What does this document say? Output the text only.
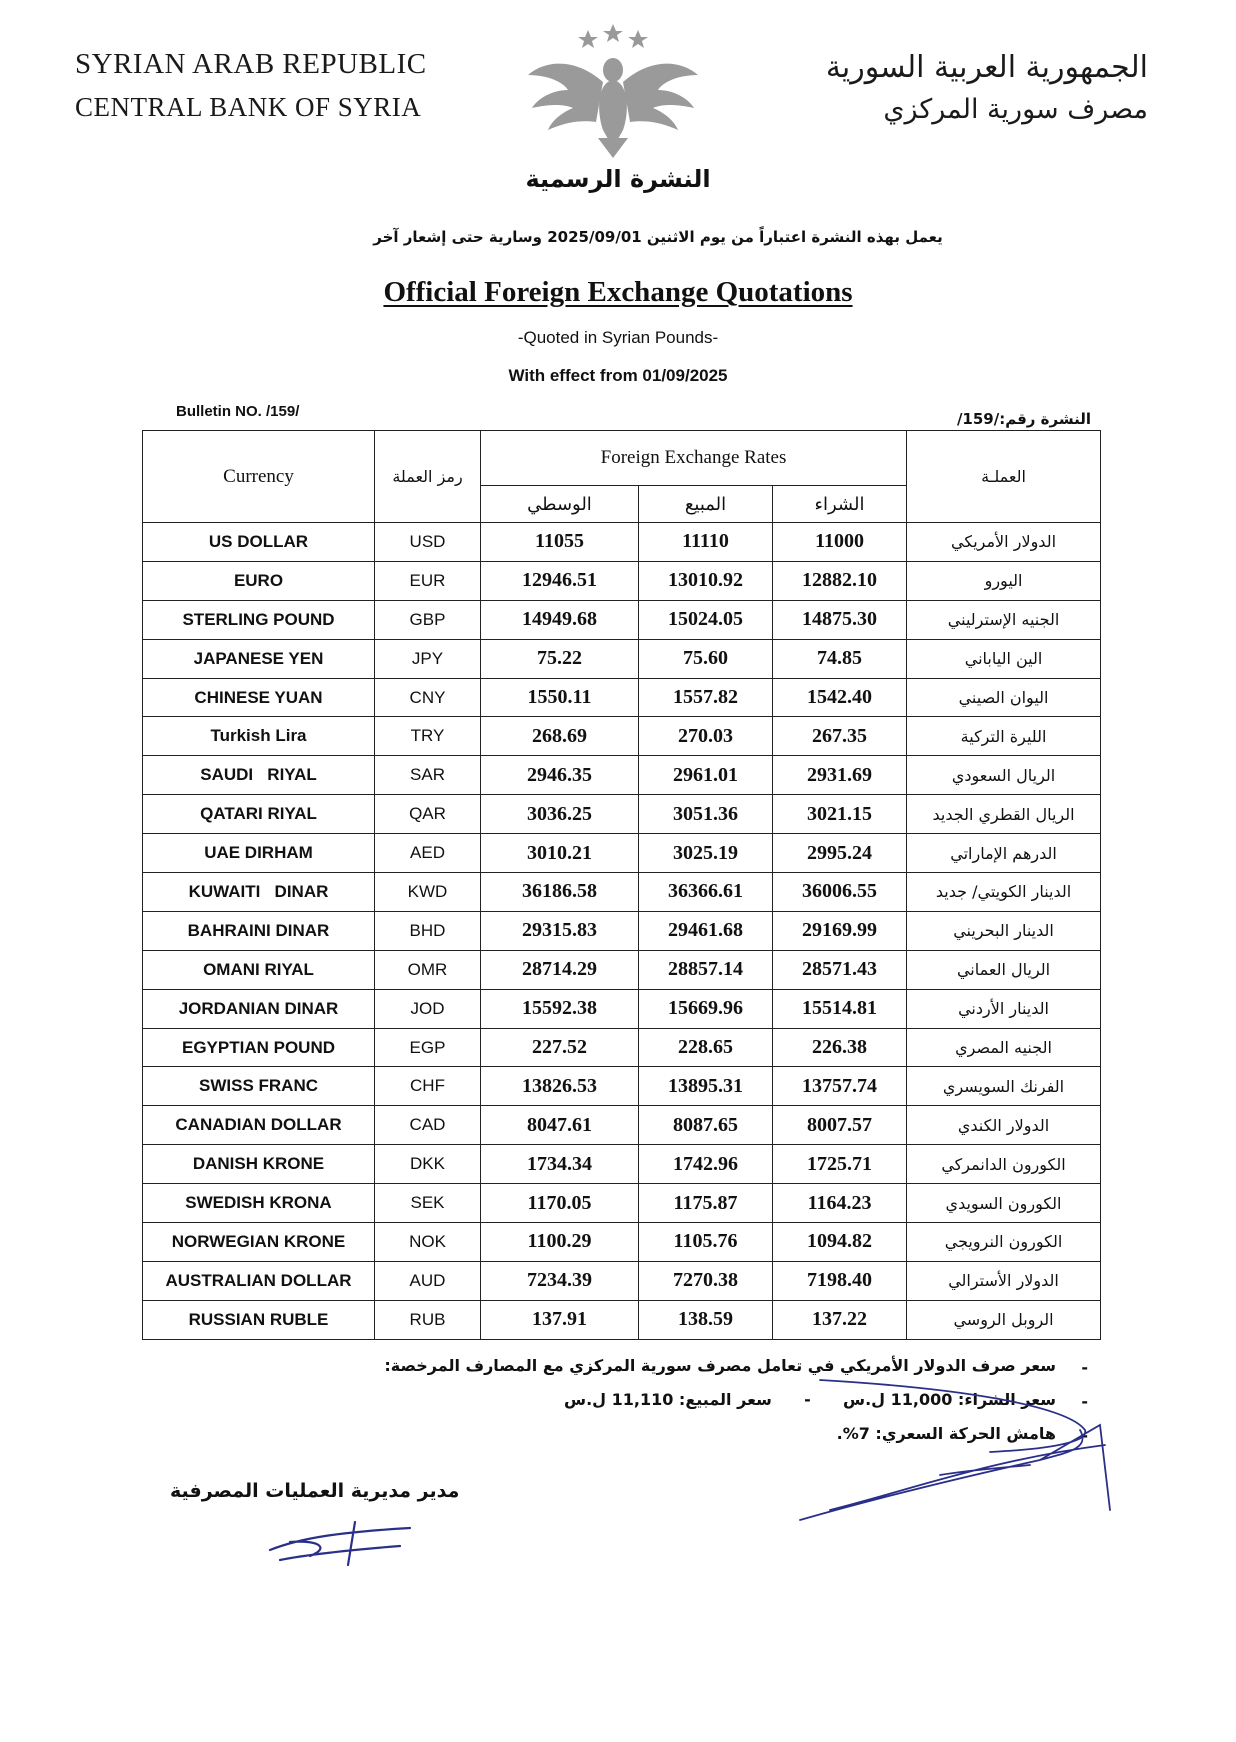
SYRIAN ARAB REPUBLIC
CENTRAL BANK OF SYRIA
الجمهورية العربية السورية
مصرف سورية المركزي
النشرة الرسمية
يعمل بهذه النشرة اعتباراً من يوم الاثنين 2025/09/01 وسارية حتى إشعار آخر
Official Foreign Exchange Quotations
-Quoted in Syrian Pounds-
With effect from 01/09/2025
Bulletin NO. /159/	النشرة رقم:/159/
Currency	رمز العملة	Foreign Exchange Rates			العملـة
		الوسطي	المبيع	الشراء	
US DOLLAR	USD	11055	11110	11000	الدولار الأمريكي
EURO	EUR	12946.51	13010.92	12882.10	اليورو
STERLING POUND	GBP	14949.68	15024.05	14875.30	الجنيه الإسترليني
JAPANESE YEN	JPY	75.22	75.60	74.85	الين الياباني
CHINESE YUAN	CNY	1550.11	1557.82	1542.40	اليوان الصيني
Turkish Lira	TRY	268.69	270.03	267.35	الليرة التركية
SAUDI   RIYAL	SAR	2946.35	2961.01	2931.69	الريال السعودي
QATARI RIYAL	QAR	3036.25	3051.36	3021.15	الريال القطري الجديد
UAE DIRHAM	AED	3010.21	3025.19	2995.24	الدرهم الإماراتي
KUWAITI   DINAR	KWD	36186.58	36366.61	36006.55	الدينار الكويتي/ جديد
BAHRAINI DINAR	BHD	29315.83	29461.68	29169.99	الدينار البحريني
OMANI RIYAL	OMR	28714.29	28857.14	28571.43	الريال العماني
JORDANIAN DINAR	JOD	15592.38	15669.96	15514.81	الدينار الأردني
EGYPTIAN POUND	EGP	227.52	228.65	226.38	الجنيه المصري
SWISS FRANC	CHF	13826.53	13895.31	13757.74	الفرنك السويسري
CANADIAN DOLLAR	CAD	8047.61	8087.65	8007.57	الدولار الكندي
DANISH KRONE	DKK	1734.34	1742.96	1725.71	الكورون الدانمركي
SWEDISH KRONA	SEK	1170.05	1175.87	1164.23	الكورون السويدي
NORWEGIAN KRONE	NOK	1100.29	1105.76	1094.82	الكورون النرويجي
AUSTRALIAN DOLLAR	AUD	7234.39	7270.38	7198.40	الدولار الأسترالي
RUSSIAN RUBLE	RUB	137.91	138.59	137.22	الروبل الروسي
-
سعر صرف الدولار الأمريكي في تعامل مصرف سورية المركزي مع المصارف المرخصة:
-
سعر الشراء: 11,000 ل.س - سعر المبيع: 11,110 ل.س
-
هامش الحركة السعري: 7%.
مدير مديرية العمليات المصرفية
